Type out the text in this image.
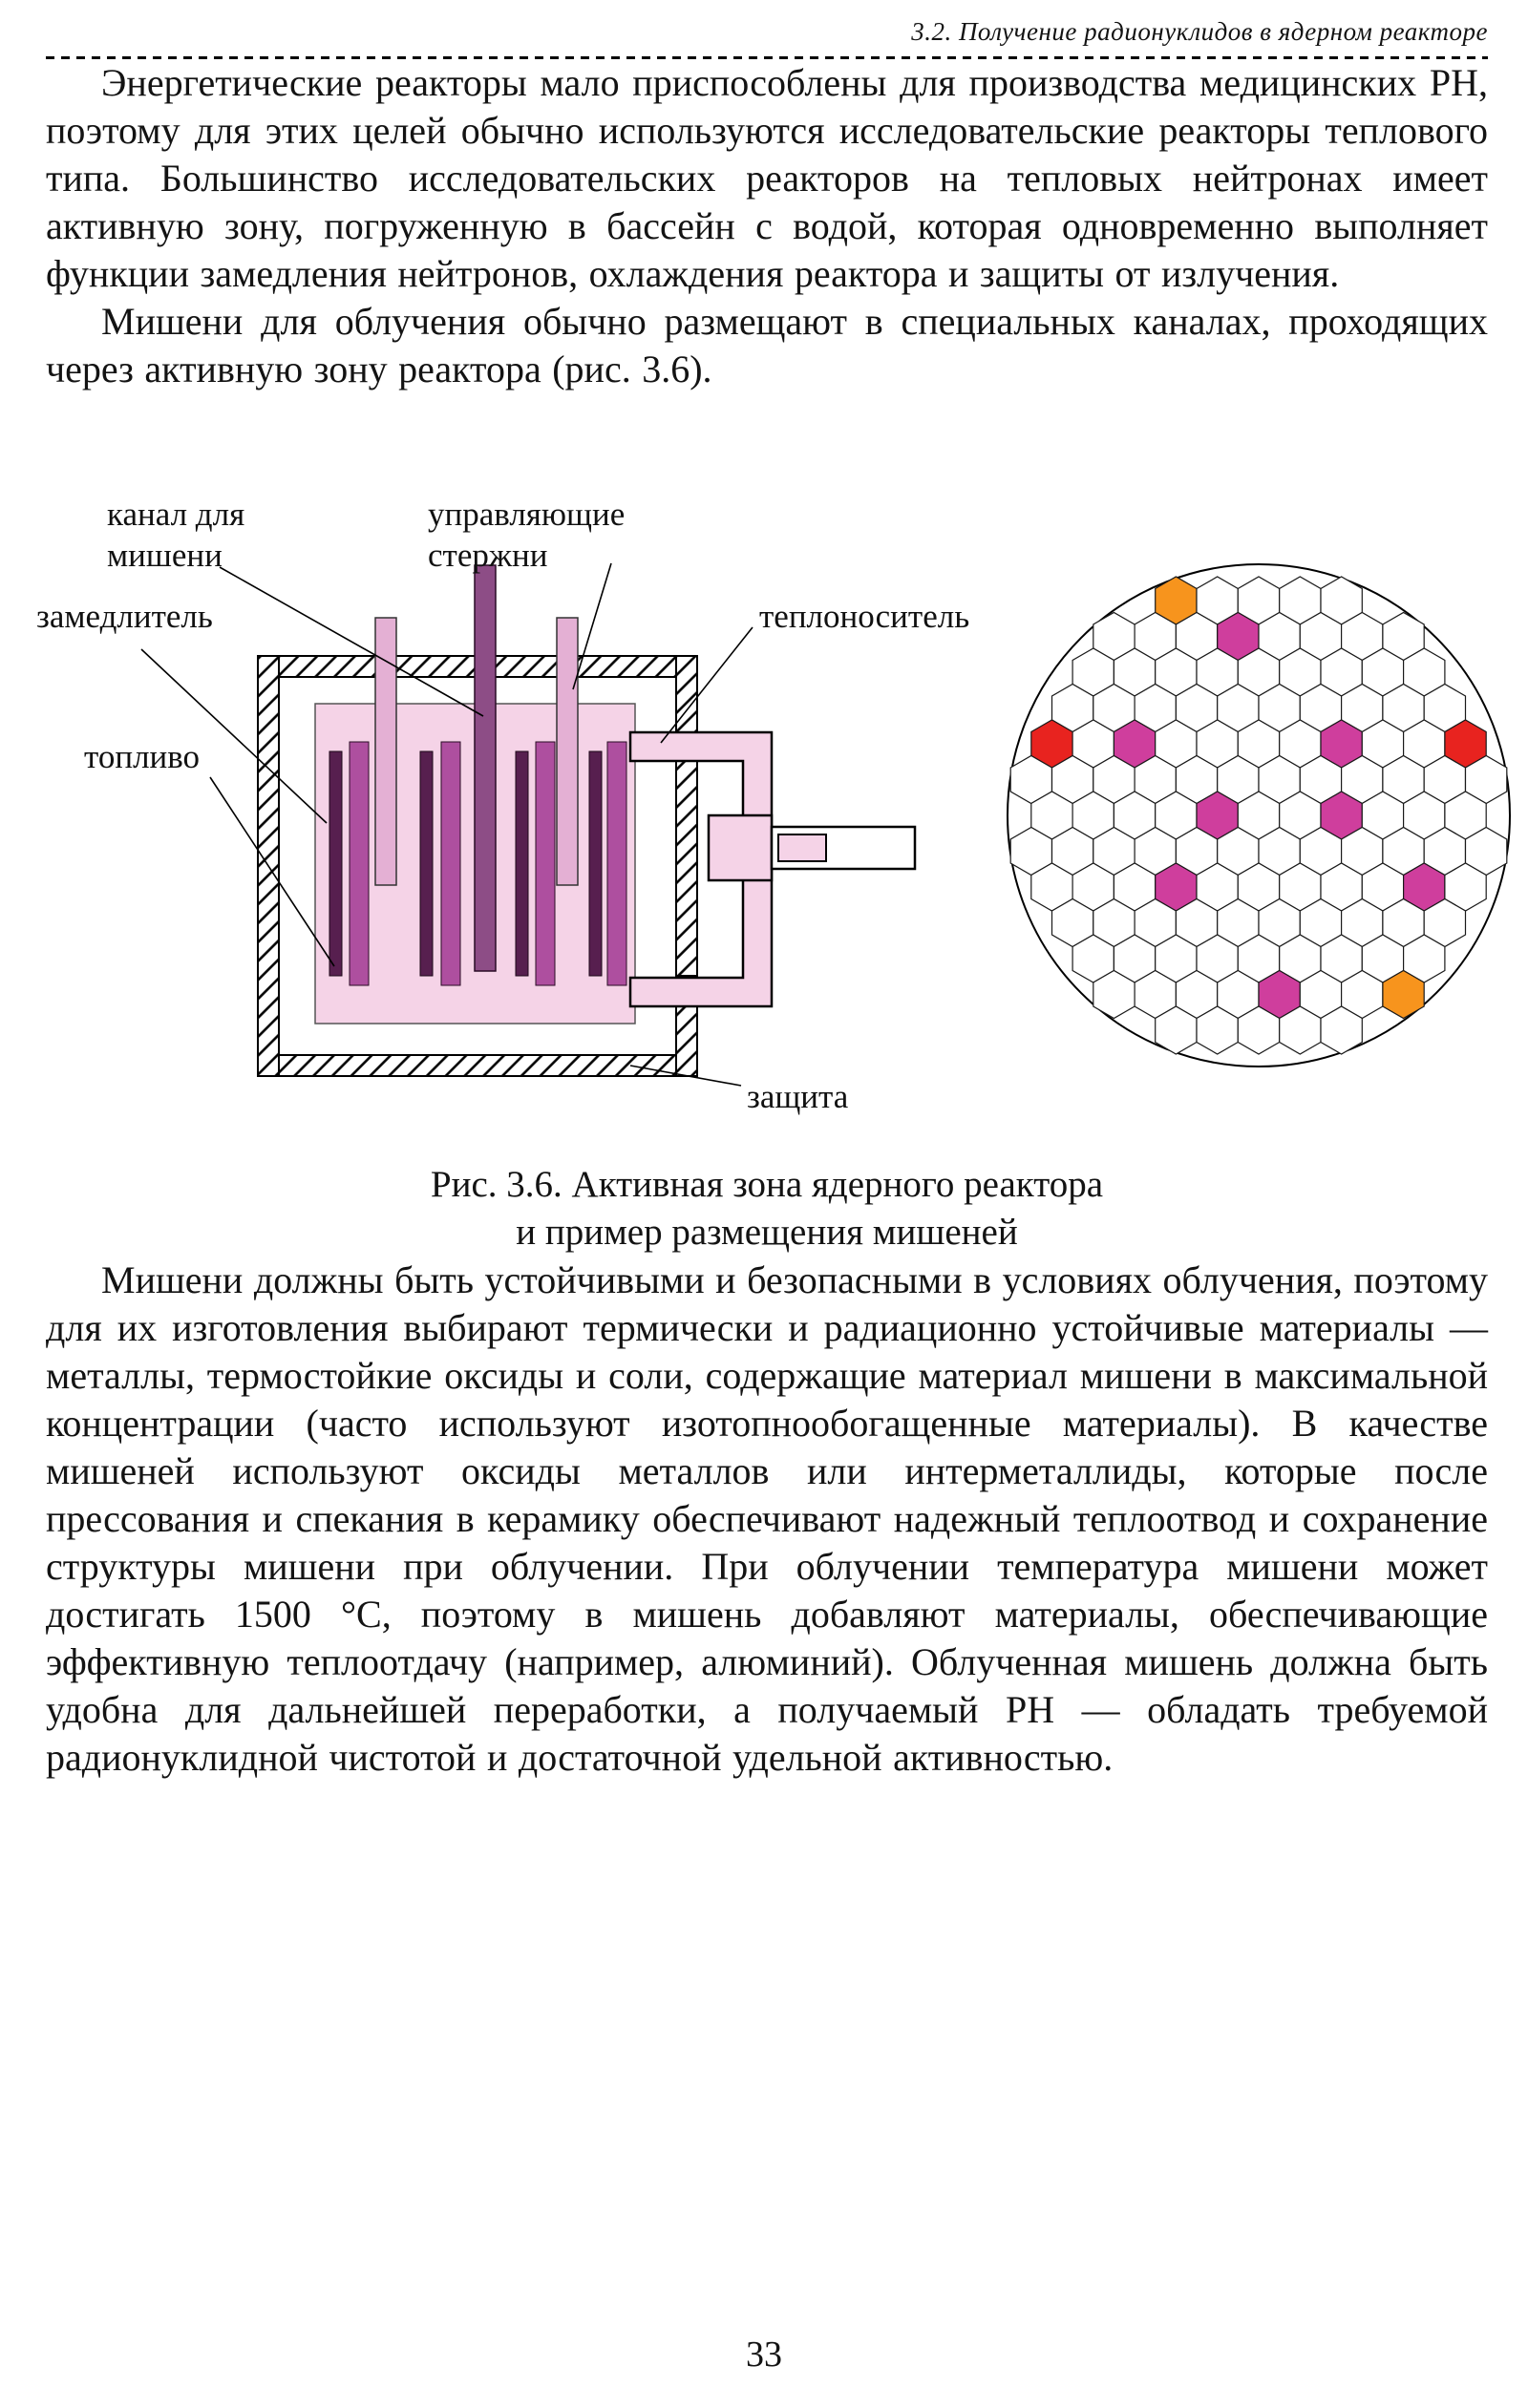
3.2. Получение радионуклидов в ядерном реакторе

Энергетические реакторы мало приспособлены для производства медицинских РН, поэтому для этих целей обычно используются исследовательские реакторы теплового типа. Большинство исследовательских реакторов на тепловых нейтронах имеет активную зону, погруженную в бассейн с водой, которая одновременно выполняет функции замедления нейтронов, охлаждения реактора и защиты от излучения.

Мишени для облучения обычно размещают в специальных каналах, проходящих через активную зону реактора (рис. 3.6).

канал для мишени
управляющие стержни
замедлитель	теплоноситель
топливо
защита
Рис. 3.6. Активная зона ядерного реактора
и пример размещения мишеней

Мишени должны быть устойчивыми и безопасными в условиях облучения, поэтому для их изготовления выбирают термически и радиационно устойчивые материалы — металлы, термостойкие оксиды и соли, содержащие материал мишени в максимальной концентрации (часто используют изотопнообогащенные материалы). В качестве мишеней используют оксиды металлов или интерметаллиды, которые после прессования и спекания в керамику обеспечивают надежный теплоотвод и сохранение структуры мишени при облучении. При облучении температура мишени может достигать 1500 °С, поэтому в мишень добавляют материалы, обеспечивающие эффективную теплоотдачу (например, алюминий). Облученная мишень должна быть удобна для дальнейшей переработки, а получаемый РН — обладать требуемой радионуклидной чистотой и достаточной удельной активностью.

33
